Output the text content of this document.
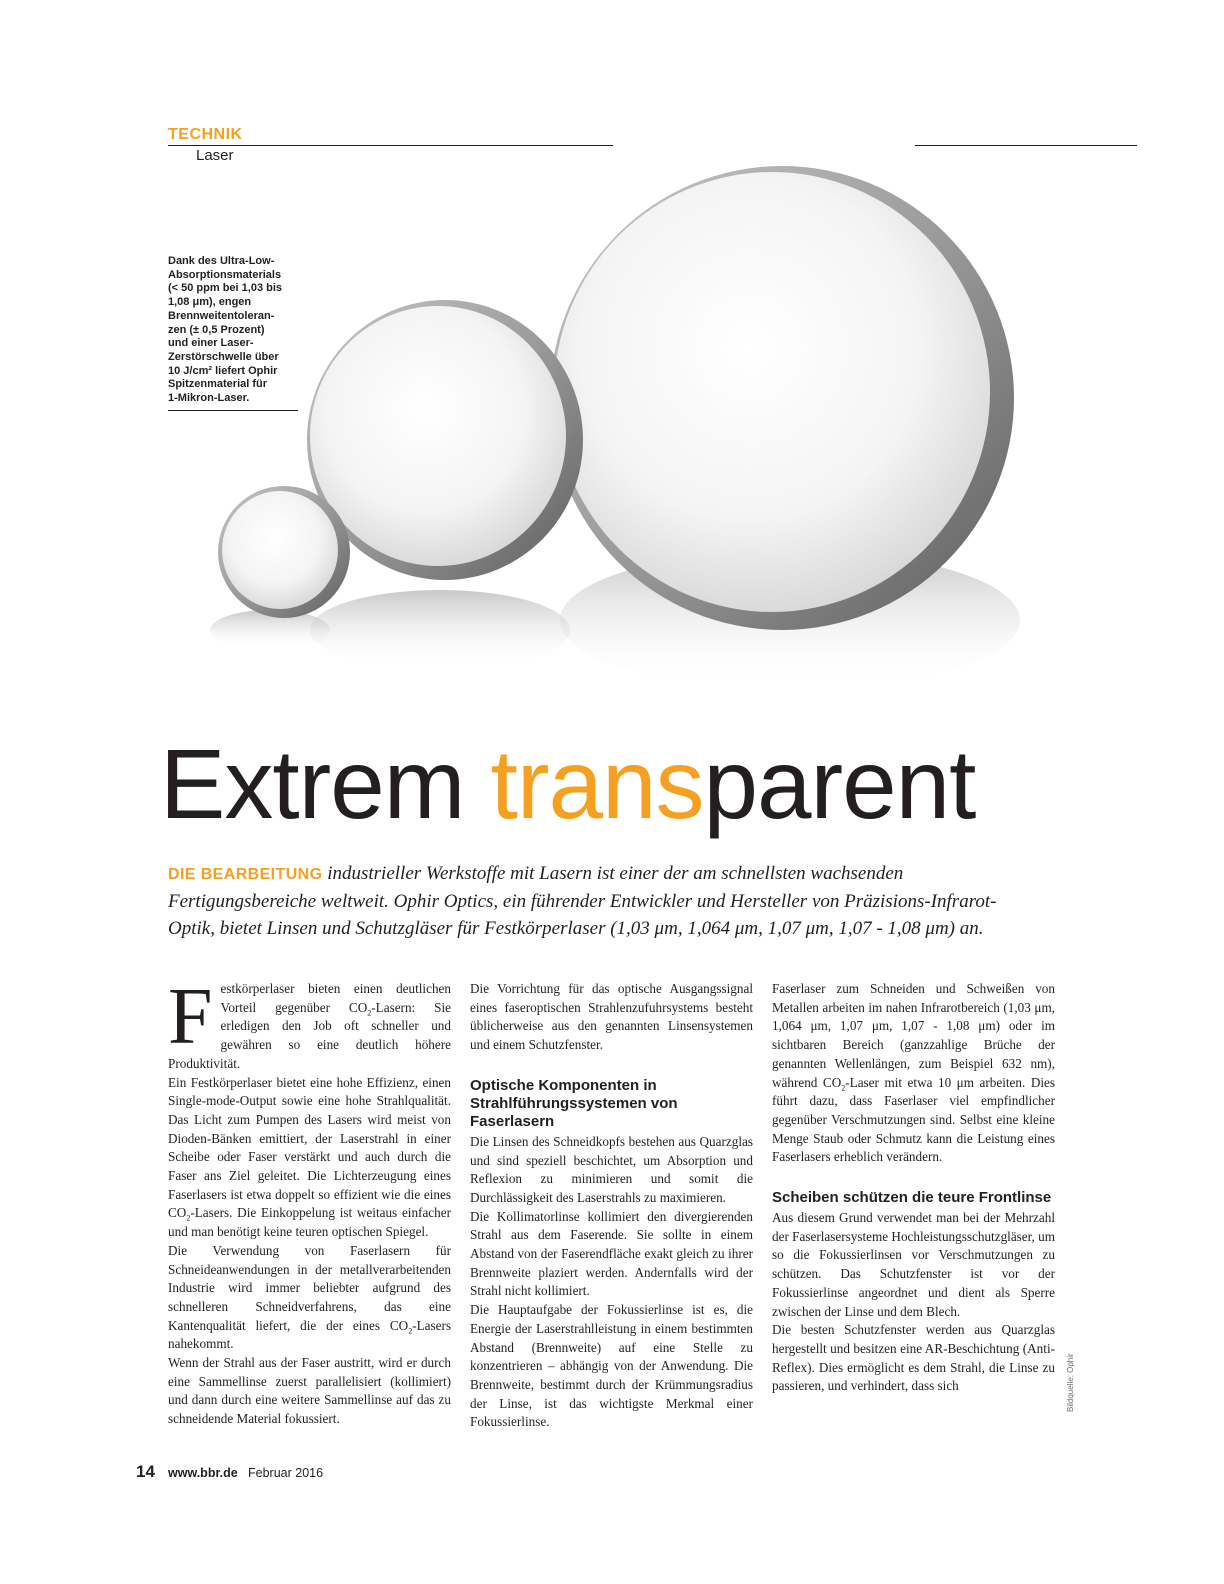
TECHNIK
Laser
Dank des Ultra-Low-
Absorptionsmaterials
(< 50 ppm bei 1,03 bis
1,08 μm), engen
Brennweitentoleran-
zen (± 0,5 Prozent)
und einer Laser-
Zerstörschwelle über
10 J/cm² liefert Ophir
Spitzenmaterial für
1-Mikron-Laser.
Extrem transparent
DIE BEARBEITUNG industrieller Werkstoffe mit Lasern ist einer der am schnellsten wachsenden Fertigungsbereiche weltweit. Ophir Optics, ein führender Entwickler und Hersteller von Präzisions-Infrarot-Optik, bietet Linsen und Schutzgläser für Festkörperlaser (1,03 μm, 1,064 μm, 1,07 μm, 1,07 - 1,08 μm) an.

Festkörperlaser bieten einen deutlichen Vorteil gegenüber $CO_2$-Lasern: Sie erledigen den Job oft schneller und gewähren so eine deutlich höhere Produktivität.

Ein Festkörperlaser bietet eine hohe Effizienz, einen Single-mode-Output sowie eine hohe Strahlqualität. Das Licht zum Pumpen des Lasers wird meist von Dioden-Bänken emittiert, der Laserstrahl in einer Scheibe oder Faser verstärkt und auch durch die Faser ans Ziel geleitet. Die Lichterzeugung eines Faserlasers ist etwa doppelt so effizient wie die eines $CO_2$-Lasers. Die Einkoppelung ist weitaus einfacher und man benötigt keine teuren optischen Spiegel.

Die Verwendung von Faserlasern für Schneideanwendungen in der metallverarbeitenden Industrie wird immer beliebter aufgrund des schnelleren Schneidverfahrens, das eine Kantenqualität liefert, die der eines $CO_2$-Lasers nahekommt.

Wenn der Strahl aus der Faser austritt, wird er durch eine Sammellinse zuerst parallelisiert (kollimiert) und dann durch eine weitere Sammellinse auf das zu schneidende Material fokussiert.

Die Vorrichtung für das optische Ausgangssignal eines faseroptischen Strahlenzufuhrsystems besteht üblicherweise aus den genannten Linsensystemen und einem Schutzfenster.

Optische Komponenten in Strahlführungssystemen von Faserlasern

Die Linsen des Schneidkopfs bestehen aus Quarzglas und sind speziell beschichtet, um Absorption und Reflexion zu minimieren und somit die Durchlässigkeit des Laserstrahls zu maximieren.

Die Kollimatorlinse kollimiert den divergierenden Strahl aus dem Faserende. Sie sollte in einem Abstand von der Faserendfläche exakt gleich zu ihrer Brennweite plaziert werden. Andernfalls wird der Strahl nicht kollimiert.

Die Hauptaufgabe der Fokussierlinse ist es, die Energie der Laserstrahlleistung in einem bestimmten Abstand (Brennweite) auf eine Stelle zu konzentrieren – abhängig von der Anwendung. Die Brennweite, bestimmt durch der Krümmungsradius der Linse, ist das wichtigste Merkmal einer Fokussierlinse.

Faserlaser zum Schneiden und Schweißen von Metallen arbeiten im nahen Infrarotbereich (1,03 μm, 1,064 μm, 1,07 μm, 1,07 - 1,08 μm) oder im sichtbaren Bereich (ganzzahlige Brüche der genannten Wellenlängen, zum Beispiel 632 nm), während $CO_2$-Laser mit etwa 10 μm arbeiten. Dies führt dazu, dass Faserlaser viel empfindlicher gegenüber Verschmutzungen sind. Selbst eine kleine Menge Staub oder Schmutz kann die Leistung eines Faserlasers erheblich verändern.

Scheiben schützen die teure Frontlinse

Aus diesem Grund verwendet man bei der Mehrzahl der Faserlasersysteme Hochleistungsschutzgläser, um so die Fokussierlinsen vor Verschmutzungen zu schützen. Das Schutzfenster ist vor der Fokussierlinse angeordnet und dient als Sperre zwischen der Linse und dem Blech.

Die besten Schutzfenster werden aus Quarzglas hergestellt und besitzen eine AR-Beschichtung (Anti-Reflex). Dies ermöglicht es dem Strahl, die Linse zu passieren, und verhindert, dass sich	Bildquelle: Ophir
14 www.bbr.de Februar 2016
